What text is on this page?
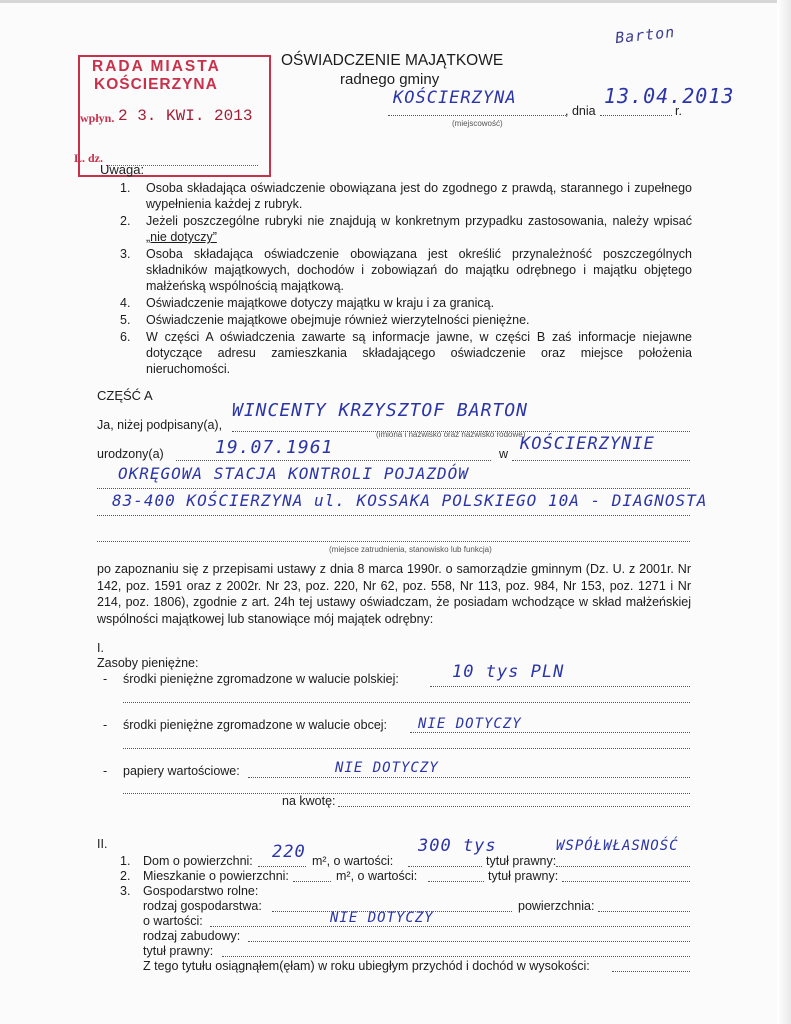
Barton
RADA MIASTA
KOŚCIERZYNA
wpłyn. 2 3. KWI. 2013
L. dz.
OŚWIADCZENIE MAJĄTKOWE
radnego gminy
KOŚCIERZYNA
(miejscowość)
, dnia
13.04.2013
r.
Uwaga:
1.	Osoba składająca oświadczenie obowiązana jest do zgodnego z prawdą, starannego i zupełnego wypełnienia każdej z rubryk.
2.	Jeżeli poszczególne rubryki nie znajdują w konkretnym przypadku zastosowania, należy wpisać „nie dotyczy”
3.	Osoba składająca oświadczenie obowiązana jest określić przynależność poszczególnych składników majątkowych, dochodów i zobowiązań do majątku odrębnego i majątku objętego małżeńską wspólnością majątkową.
4.	Oświadczenie majątkowe dotyczy majątku w kraju i za granicą.
5.	Oświadczenie majątkowe obejmuje również wierzytelności pieniężne.
6.	W części A oświadczenia zawarte są informacje jawne, w części B zaś informacje niejawne dotyczące adresu zamieszkania składającego oświadczenie oraz miejsce położenia nieruchomości.
CZĘŚĆ A
Ja, niżej podpisany(a),
WINCENTY KRZYSZTOF BARTON
(imiona i nazwisko oraz nazwisko rodowe)
urodzony(a)	19.07.1961	w KOŚCIERZYNIE
OKRĘGOWA STACJA KONTROLI POJAZDÓW
83-400 KOŚCIERZYNA ul. KOSSAKA POLSKIEGO 10A - DIAGNOSTA
(miejsce zatrudnienia, stanowisko lub funkcja)
po zapoznaniu się z przepisami ustawy z dnia 8 marca 1990r. o samorządzie gminnym (Dz. U. z 2001r. Nr 142, poz. 1591 oraz z 2002r. Nr 23, poz. 220, Nr 62, poz. 558, Nr 113, poz. 984, Nr 153, poz. 1271 i Nr 214, poz. 1806), zgodnie z art. 24h tej ustawy oświadczam, że posiadam wchodzące w skład małżeńskiej wspólności majątkowej lub stanowiące mój majątek odrębny:
I.
Zasoby pieniężne:
- środki pieniężne zgromadzone w walucie polskiej:	10 tys PLN
- środki pieniężne zgromadzone w walucie obcej: NIE DOTYCZY
- papiery wartościowe:	NIE DOTYCZY
na kwotę:
II.
1. Dom o powierzchni: 220 m², o wartości:
300 tys
tytuł prawny:
WSPÓŁWŁASNOŚĆ
2. Mieszkanie o powierzchni:	m², o wartości:	tytuł prawny:
3. Gospodarstwo rolne:
rodzaj gospodarstwa:	powierzchnia:
o wartości:	NIE DOTYCZY
rodzaj zabudowy:
tytuł prawny:
Z tego tytułu osiągnąłem(ęłam) w roku ubiegłym przychód i dochód w wysokości:
